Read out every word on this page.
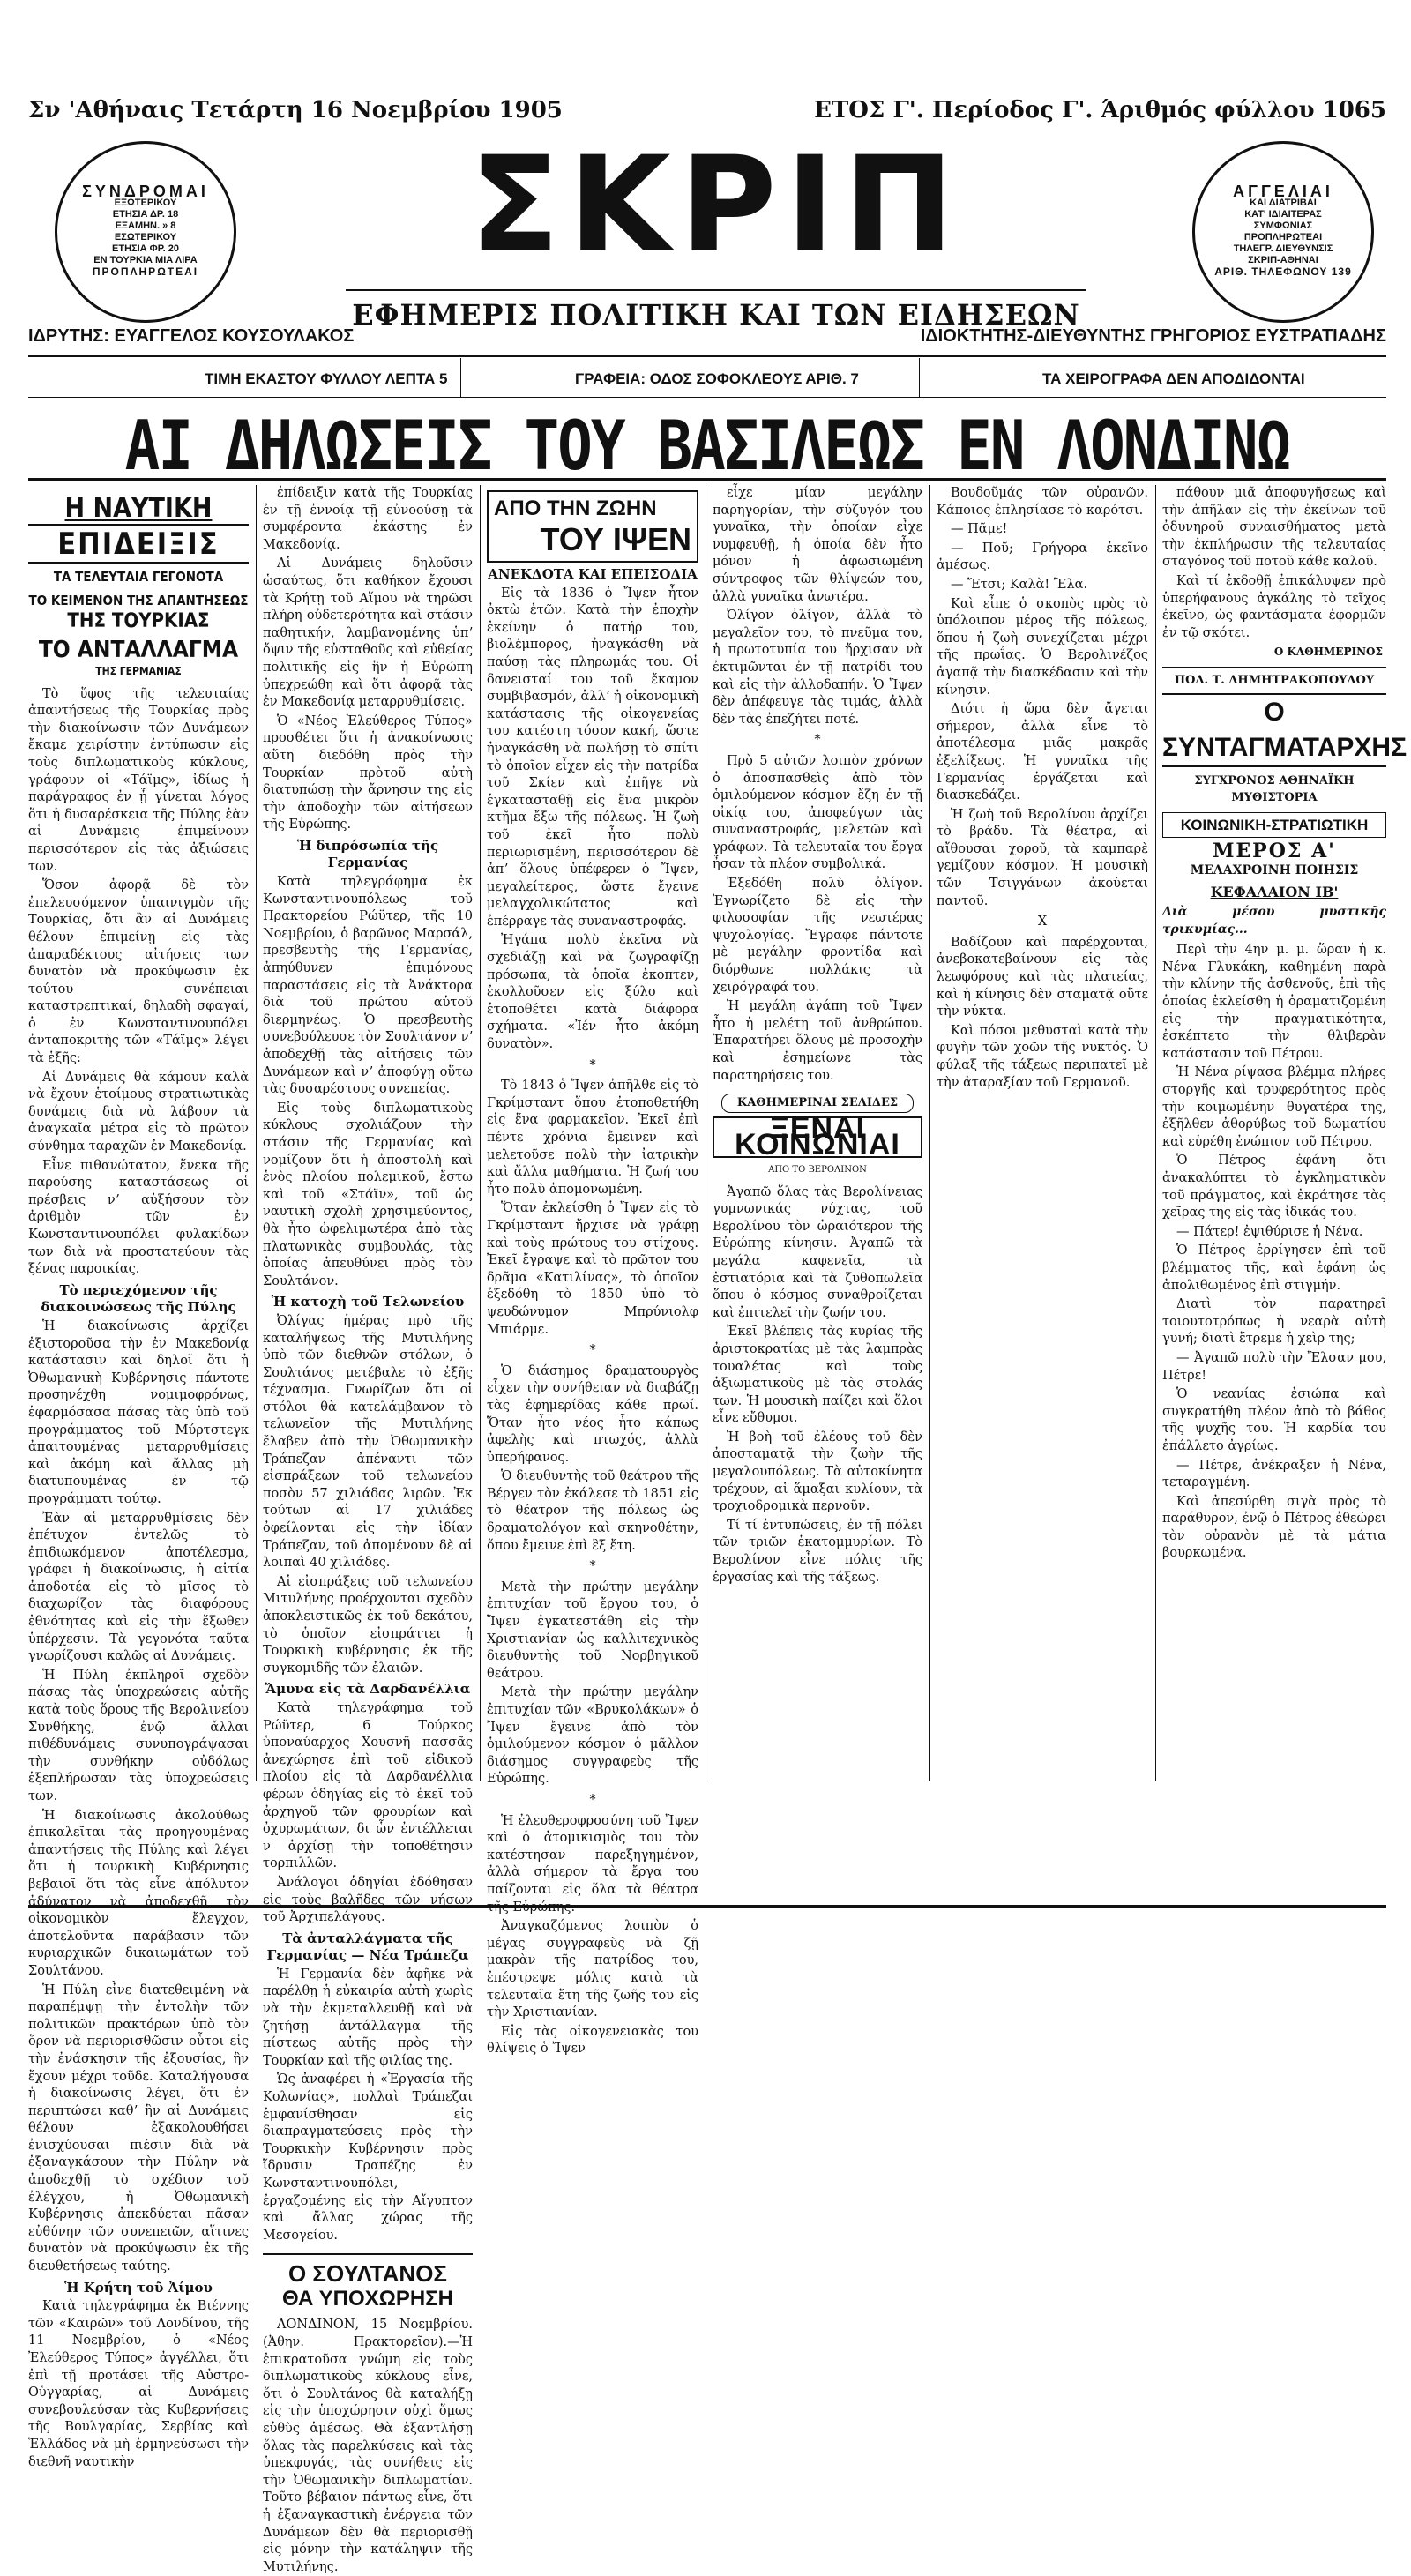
Σν 'Αθήναις Τετάρτη 16 Νοεμβρίου 1905	ΕΤΟΣ Γ'. Περίοδος Γ'. Άριθμός φύλλου 1065
ΣΥΝΔΡΟΜΑΙ
ΕΞΩΤΕΡΙΚΟΥ
ΕΤΗΣΙΑ ΔΡ. 18
ΕΞΑΜΗΝ. » 8
ΕΣΩΤΕΡΙΚΟΥ
ΕΤΗΣΙΑ ΦΡ. 20
ΕΝ ΤΟΥΡΚΙΑ ΜΙΑ ΛΙΡΑ
ΠΡΟΠΛΗΡΩΤΕΑΙ
ΑΓΓΕΛΙΑΙ
ΚΑΙ ΔΙΑΤΡΙΒΑΙ
ΚΑΤ' ΙΔΙΑΙΤΕΡΑΣ
ΣΥΜΦΩΝΙΑΣ
ΠΡΟΠΛΗΡΩΤΕΑΙ
ΤΗΛΕΓΡ. ΔΙΕΥΘΥΝΣΙΣ
ΣΚΡΙΠ-ΑΘΗΝΑΙ
ΑΡΙΘ. ΤΗΛΕΦΩΝΟΥ 139
ΣΚΡΙΠ
ΕΦΗΜΕΡΙΣ ΠΟΛΙΤΙΚΗ ΚΑΙ ΤΩΝ ΕΙΔΗΣΕΩΝ
ΙΔΡΥΤΗΣ: ΕΥΑΓΓΕΛΟΣ ΚΟΥΣΟΥΛΑΚΟΣ	ΙΔΙΟΚΤΗΤΗΣ-ΔΙΕΥΘΥΝΤΗΣ ΓΡΗΓΟΡΙΟΣ ΕΥΣΤΡΑΤΙΑΔΗΣ
ΤΙΜΗ ΕΚΑΣΤΟΥ ΦΥΛΛΟΥ ΛΕΠΤΑ 5	ΓΡΑΦΕΙΑ: ΟΔΟΣ ΣΟΦΟΚΛΕΟΥΣ ΑΡΙΘ. 7	ΤΑ ΧΕΙΡΟΓΡΑΦΑ ΔΕΝ ΑΠΟΔΙΔΟΝΤΑΙ
ΑΙ ΔΗΛΩΣΕΙΣ ΤΟΥ ΒΑΣΙΛΕΩΣ ΕΝ ΛΟΝΔΙΝΩ
Η ΝΑΥΤΙΚΗ
ΕΠΙΔΕΙΞΙΣ
ΤΑ ΤΕΛΕΥΤΑΙΑ ΓΕΓΟΝΟΤΑ
ΤΟ ΚΕΙΜΕΝΟΝ ΤΗΣ ΑΠΑΝΤΗΣΕΩΣ
ΤΗΣ ΤΟΥΡΚΙΑΣ
ΤΟ ΑΝΤΑΛΛΑΓΜΑ
ΤΗΣ ΓΕΡΜΑΝΙΑΣ

Τὸ ὕφος τῆς τελευταίας ἀπαντήσεως τῆς Τουρκίας πρὸς τὴν διακοίνωσιν τῶν Δυνάμεων ἔκαμε χειρίστην ἐντύπωσιν εἰς τοὺς διπλωματικοὺς κύκλους, γράφουν οἱ «Τάϊμς», ἰδίως ἡ παράγραφος ἐν ᾗ γίνεται λόγος ὅτι ἡ δυσαρέσκεια τῆς Πύλης ἐὰν αἱ Δυνάμεις ἐπιμείνουν περισσότερον εἰς τὰς ἀξιώσεις των.

Ὅσον ἀφορᾷ δὲ τὸν ἐπελευσόμενον ὑπαινιγμὸν τῆς Τουρκίας, ὅτι ἂν αἱ Δυνάμεις θέλουν ἐπιμείνῃ εἰς τὰς ἀπαραδέκτους αἰτήσεις των δυνατὸν νὰ προκύψωσιν ἐκ τούτου συνέπειαι καταστρεπτικαί, δηλαδὴ σφαγαί, ὁ ἐν Κωνσταντινουπόλει ἀνταποκριτὴς τῶν «Τάϊμς» λέγει τὰ ἑξῆς:

Αἱ Δυνάμεις θὰ κάμουν καλὰ νὰ ἔχουν ἑτοίμους στρατιωτικὰς δυνάμεις διὰ νὰ λάβουν τὰ ἀναγκαῖα μέτρα εἰς τὸ πρῶτον σύνθημα ταραχῶν ἐν Μακεδονίᾳ.

Εἶνε πιθανώτατον, ἕνεκα τῆς παρούσης καταστάσεως οἱ πρέσβεις νʼ αὐξήσουν τὸν ἀριθμὸν τῶν ἐν Κωνσταντινουπόλει φυλακίδων των διὰ νὰ προστατεύουν τὰς ξένας παροικίας.

Τὸ περιεχόμενον τῆς διακοινώσεως τῆς Πύλης

Ἡ διακοίνωσις ἀρχίζει ἐξιστοροῦσα τὴν ἐν Μακεδονίᾳ κατάστασιν καὶ δηλοῖ ὅτι ἡ Ὀθωμανικὴ Κυβέρνησις πάντοτε προσηνέχθη νομιμοφρόνως, ἐφαρμόσασα πάσας τὰς ὑπὸ τοῦ προγράμματος τοῦ Μύρτστεγκ ἀπαιτουμένας μεταρρυθμίσεις καὶ ἀκόμη καὶ ἄλλας μὴ διατυπουμένας ἐν τῷ προγράμματι τούτῳ.

Ἐὰν αἱ μεταρρυθμίσεις δὲν ἐπέτυχον ἐντελῶς τὸ ἐπιδιωκόμενον ἀποτέλεσμα, γράφει ἡ διακοίνωσις, ἡ αἰτία ἀποδοτέα εἰς τὸ μῖσος τὸ διαχωρίζον τὰς διαφόρους ἐθνότητας καὶ εἰς τὴν ἔξωθεν ὑπέρχεσιν. Τὰ γεγονότα ταῦτα γνωρίζουσι καλῶς αἱ Δυνάμεις.

Ἡ Πύλη ἐκπληροῖ σχεδὸν πάσας τὰς ὑποχρεώσεις αὐτῆς κατὰ τοὺς ὅρους τῆς Βερολινείου Συνθήκης, ἐνῷ ἄλλαι πιθέδυνάμεις συνυπογράψασαι τὴν συνθήκην οὐδόλως ἐξεπλήρωσαν τὰς ὑποχρεώσεις των.

Ἡ διακοίνωσις ἀκολούθως ἐπικαλεῖται τὰς προηγουμένας ἀπαντήσεις τῆς Πύλης καὶ λέγει ὅτι ἡ τουρκικὴ Κυβέρνησις βεβαιοῖ ὅτι τὰς εἶνε ἀπόλυτον ἀδύνατον νὰ ἀποδεχθῇ τὸν οἰκονομικὸν ἔλεγχον, ἀποτελοῦντα παράβασιν τῶν κυριαρχικῶν δικαιωμάτων τοῦ Σουλτάνου.

Ἡ Πύλη εἶνε διατεθειμένη νὰ παραπέμψῃ τὴν ἐντολὴν τῶν πολιτικῶν πρακτόρων ὑπὸ τὸν ὅρον νὰ περιορισθῶσιν οὗτοι εἰς τὴν ἐνάσκησιν τῆς ἐξουσίας, ἣν ἔχουν μέχρι τοῦδε. Καταλήγουσα ἡ διακοίνωσις λέγει, ὅτι ἐν περιπτώσει καθʼ ἣν αἱ Δυνάμεις θέλουν ἐξακολουθήσει ἐνισχύουσαι πιέσιν διὰ νὰ ἐξαναγκάσουν τὴν Πύλην νὰ ἀποδεχθῇ τὸ σχέδιον τοῦ ἐλέγχου, ἡ Ὀθωμανικὴ Κυβέρνησις ἀπεκδύεται πᾶσαν εὐθύνην τῶν συνεπειῶν, αἵτινες δυνατὸν νὰ προκύψωσιν ἐκ τῆς διευθετήσεως ταύτης.

Ἡ Κρήτη τοῦ Ἀίμου

Κατὰ τηλεγράφημα ἐκ Βιέννης τῶν «Καιρῶν» τοῦ Λονδίνου, τῆς 11 Νοεμβρίου, ὁ «Νέος Ἐλεύθερος Τύπος» ἀγγέλλει, ὅτι ἐπὶ τῇ προτάσει τῆς Αὐστρο-Οὑγγαρίας, αἱ Δυνάμεις συνεβουλεύσαν τὰς Κυβερνήσεις τῆς Βουλγαρίας, Σερβίας καὶ Ἑλλάδος νὰ μὴ ἐρμηνεύσωσι τὴν διεθνῆ ναυτικὴν

ἐπίδειξιν κατὰ τῆς Τουρκίας ἐν τῇ ἐννοίᾳ τῇ εὐνοούσῃ τὰ συμφέροντα ἑκάστης ἐν Μακεδονίᾳ.

Αἱ Δυνάμεις δηλοῦσιν ὡσαύτως, ὅτι καθήκον ἔχουσι τὰ Κρήτῃ τοῦ Αἵμου νὰ τηρῶσι πλήρη οὐδετερότητα καὶ στάσιν παθητικήν, λαμβανομένης ὑπʼ ὄψιν τῆς εὐσταθοῦς καὶ εὐθείας πολιτικῆς εἰς ἣν ἡ Εὐρώπη ὑπεχρεώθη καὶ ὅτι ἀφορᾷ τὰς ἐν Μακεδονίᾳ μεταρρυθμίσεις.

Ὁ «Νέος Ἐλεύθερος Τύπος» προσθέτει ὅτι ἡ ἀνακοίνωσις αὕτη διεδόθη πρὸς τὴν Τουρκίαν πρὸτοῦ αὐτὴ διατυπώσῃ τὴν ἄρνησιν της εἰς τὴν ἀποδοχὴν τῶν αἰτήσεων τῆς Εὐρώπης.

Ἡ διπρόσωπία τῆς Γερμανίας

Κατὰ τηλεγράφημα ἐκ Κωνσταντινουπόλεως τοῦ Πρακτορείου Ρώϋτερ, τῆς 10 Νοεμβρίου, ὁ βαρῶνος Μαρσάλ, πρεσβευτὴς τῆς Γερμανίας, ἀπηύθυνεν ἐπιμόνους παραστάσεις εἰς τὰ Ἀνάκτορα διὰ τοῦ πρώτου αὐτοῦ διερμηνέως. Ὁ πρεσβευτὴς συνεβούλευσε τὸν Σουλτάνον νʼ ἀποδεχθῇ τὰς αἰτήσεις τῶν Δυνάμεων καὶ νʼ ἀποφύγῃ οὕτω τὰς δυσαρέστους συνεπείας.

Εἰς τοὺς διπλωματικοὺς κύκλους σχολιάζουν τὴν στάσιν τῆς Γερμανίας καὶ νομίζουν ὅτι ἡ ἀποστολὴ καὶ ἑνὸς πλοίου πολεμικοῦ, ἔστω καὶ τοῦ «Στάϊν», τοῦ ὡς ναυτικὴ σχολὴ χρησιμεύοντος, θὰ ἦτο ὠφελιμωτέρα ἀπὸ τὰς πλατωνικὰς συμβουλάς, τὰς ὁποίας ἀπευθύνει πρὸς τὸν Σουλτάνον.

Ἡ κατοχὴ τοῦ Τελωνείου

Ὀλίγας ἡμέρας πρὸ τῆς καταλήψεως τῆς Μυτιλήνης ὑπὸ τῶν διεθνῶν στόλων, ὁ Σουλτάνος μετέβαλε τὸ ἐξῆς τέχνασμα. Γνωρίζων ὅτι οἱ στόλοι θὰ κατελάμβανον τὸ τελωνεῖον τῆς Μυτιλήνης ἔλαβεν ἀπὸ τὴν Ὀθωμανικὴν Τράπεζαν ἀπέναντι τῶν εἰσπράξεων τοῦ τελωνείου ποσὸν 57 χιλιάδας λιρῶν. Ἐκ τούτων αἱ 17 χιλιάδες ὀφείλονται εἰς τὴν ἰδίαν Τράπεζαν, τοῦ ἀπομένουν δὲ αἱ λοιπαὶ 40 χιλιάδες.

Αἱ εἰσπράξεις τοῦ τελωνείου Μιτυλήνης προέρχονται σχεδὸν ἀποκλειστικῶς ἐκ τοῦ δεκάτου, τὸ ὁποῖον εἰσπράττει ἡ Τουρκικὴ κυβέρνησις ἐκ τῆς συγκομιδῆς τῶν ἐλαιῶν.

Ἄμυνα εἰς τὰ Δαρδανέλλια

Κατὰ τηλεγράφημα τοῦ Ρώϋτερ, 6 Τούρκος ὑποναύαρχος Χουσνῆ πασσᾶς ἀνεχώρησε ἐπὶ τοῦ εἰδικοῦ πλοίου εἰς τὰ Δαρδανέλλια φέρων ὁδηγίας εἰς τὸ ἐκεῖ τοῦ ἀρχηγοῦ τῶν φρουρίων καὶ ὀχυρωμάτων, δι ὧν ἐντέλλεται ν ἀρχίσῃ τὴν τοποθέτησιν τορπιλλῶν.

Ἀνάλογοι ὁδηγίαι ἐδόθησαν εἰς τοὺς βαλῆδες τῶν νήσων τοῦ Ἀρχιπελάγους.

Τὰ ἀνταλλάγματα τῆς Γερμανίας — Νέα Τράπεζα

Ἡ Γερμανία δὲν ἀφῆκε νὰ παρέλθῃ ἡ εὐκαιρία αὐτὴ χωρὶς νὰ τὴν ἐκμεταλλευθῇ καὶ νὰ ζητήσῃ ἀντάλλαγμα τῆς πίστεως αὐτῆς πρὸς τὴν Τουρκίαν καὶ τῆς φιλίας της.

Ὡς ἀναφέρει ἡ «Ἐργασία τῆς Κολωνίας», πολλαὶ Τράπεζαι ἐμφανίσθησαν εἰς διαπραγματεύσεις πρὸς τὴν Τουρκικὴν Κυβέρνησιν πρὸς ἵδρυσιν Τραπέζης ἐν Κωνσταντινουπόλει, ἐργαζομένης εἰς τὴν Αἴγυπτον καὶ ἄλλας χώρας τῆς Μεσογείου.

Ο ΣΟΥΛΤΑΝΟΣ
ΘΑ ΥΠΟΧΩΡΗΣΗ

ΛΟΝΔΙΝΟΝ, 15 Νοεμβρίου. (Ἀθην. Πρακτορεῖον).—Ἡ ἐπικρατοῦσα γνώμη εἰς τοὺς διπλωματικοὺς κύκλους εἶνε, ὅτι ὁ Σουλτάνος θὰ καταλήξῃ εἰς τὴν ὑποχώρησιν οὐχὶ ὅμως εὐθὺς ἀμέσως. Θὰ ἐξαντλήσῃ ὅλας τὰς παρελκύσεις καὶ τὰς ὑπεκφυγάς, τὰς συνήθεις εἰς τὴν Ὀθωμανικὴν διπλωματίαν. Τοῦτο βέβαιον πάντως εἶνε, ὅτι ἡ ἐξαναγκαστικὴ ἐνέργεια τῶν Δυνάμεων δὲν θὰ περιορισθῇ εἰς μόνην τὴν κατάληψιν τῆς Μυτιλήνης.

ΑΠΟ ΤΗΝ ΖΩΗΝ
ΤΟΥ ΙΨΕΝ
ΑΝΕΚΔΟΤΑ ΚΑΙ ΕΠΕΙΣΟΔΙΑ

Εἰς τὰ 1836 ὁ Ἴψεν ἦτον ὀκτὼ ἐτῶν. Κατὰ τὴν ἐποχὴν ἐκείνην ὁ πατήρ του, βιολέμπορος, ἠναγκάσθη νὰ παύσῃ τὰς πληρωμάς του. Οἱ δανεισταί του τοῦ ἔκαμον συμβιβασμόν, ἀλλʼ ἡ οἰκονομικὴ κατάστασις τῆς οἰκογενείας του κατέστη τόσον κακή, ὥστε ἠναγκάσθη νὰ πωλήσῃ τὸ σπίτι τὸ ὁποῖον εἶχεν εἰς τὴν πατρίδα τοῦ Σκίεν καὶ ἐπῆγε νὰ ἐγκατασταθῇ εἰς ἕνα μικρὸν κτῆμα ἔξω τῆς πόλεως. Ἡ ζωὴ τοῦ ἐκεῖ ἦτο πολὺ περιωρισμένη, περισσότερον δὲ ἀπʼ ὅλους ὑπέφερεν ὁ Ἴψεν, μεγαλείτερος, ὥστε ἔγεινε μελαγχολικώτατος καὶ ἐπέρραγε τὰς συναναστροφάς.

Ἠγάπα πολὺ ἐκεῖνα νὰ σχεδιάζῃ καὶ νὰ ζωγραφίζῃ πρόσωπα, τὰ ὁποῖα ἐκοπτεν, ἐκολλοῦσεν εἰς ξύλο καὶ ἐτοποθέτει κατὰ διάφορα σχήματα. «Ἰέν ἦτο ἀκόμη δυνατὸν».

*

Τὸ 1843 ὁ Ἴψεν ἀπῆλθε εἰς τὸ Γκρίμσταντ ὅπου ἐτοποθετήθη εἰς ἕνα φαρμακεῖον. Ἐκεῖ ἐπὶ πέντε χρόνια ἔμεινεν καὶ μελετοῦσε πολὺ τὴν ἰατρικὴν καὶ ἄλλα μαθήματα. Ἡ ζωή του ἦτο πολὺ ἀπομονωμένη.

Ὅταν ἐκλείσθη ὁ Ἴψεν εἰς τὸ Γκρίμσταντ ἤρχισε νὰ γράφῃ καὶ τοὺς πρώτους του στίχους. Ἐκεῖ ἔγραψε καὶ τὸ πρῶτον του δρᾶμα «Κατιλίνας», τὸ ὁποῖον ἐξεδόθη τὸ 1850 ὑπὸ τὸ ψευδώνυμον Μπρύνιολφ Μπιάρμε.

*

Ὁ διάσημος δραματουργὸς εἶχεν τὴν συνήθειαν νὰ διαβάζῃ τὰς ἐφημερίδας κάθε πρωί. Ὅταν ἦτο νέος ἦτο κάπως ἀφελὴς καὶ πτωχός, ἀλλὰ ὑπερήφανος.

Ὁ διευθυντὴς τοῦ θεάτρου τῆς Βέργεν τὸν ἐκάλεσε τὸ 1851 εἰς τὸ θέατρον τῆς πόλεως ὡς δραματολόγον καὶ σκηνοθέτην, ὅπου ἔμεινε ἐπὶ ἓξ ἔτη.

*

Μετὰ τὴν πρώτην μεγάλην ἐπιτυχίαν τοῦ ἔργου του, ὁ Ἴψεν ἐγκατεστάθη εἰς τὴν Χριστιανίαν ὡς καλλιτεχνικὸς διευθυντὴς τοῦ Νορβηγικοῦ θεάτρου.

Μετὰ τὴν πρώτην μεγάλην ἐπιτυχίαν τῶν «Βρυκολάκων» ὁ Ἴψεν ἔγεινε ἀπὸ τὸν ὁμιλούμενον κόσμον ὁ μᾶλλον διάσημος συγγραφεὺς τῆς Εὐρώπης.

*

Ἡ ἐλευθεροφροσύνη τοῦ Ἴψεν καὶ ὁ ἀτομικισμὸς του τὸν κατέστησαν παρεξηγημένον, ἀλλὰ σήμερον τὰ ἔργα του παίζονται εἰς ὅλα τὰ θέατρα τῆς Εὐρώπης.

Ἀναγκαζόμενος λοιπὸν ὁ μέγας συγγραφεὺς νὰ ζῇ μακρὰν τῆς πατρίδος του, ἐπέστρεψε μόλις κατὰ τὰ τελευταῖα ἔτη τῆς ζωῆς του εἰς τὴν Χριστιανίαν.

Εἰς τὰς οἰκογενειακὰς του θλίψεις ὁ Ἴψεν

εἶχε μίαν μεγάλην παρηγορίαν, τὴν σύζυγόν του γυναῖκα, τὴν ὁποίαν εἶχε νυμφευθῇ, ἡ ὁποία δὲν ἦτο μόνον ἡ ἀφωσιωμένη σύντροφος τῶν θλίψεών του, ἀλλὰ γυναῖκα ἀνωτέρα.

Ὀλίγον ὀλίγον, ἀλλὰ τὸ μεγαλεῖον του, τὸ πνεῦμα του, ἡ πρωτοτυπία του ἤρχισαν νὰ ἐκτιμῶνται ἐν τῇ πατρίδι του καὶ εἰς τὴν ἀλλοδαπήν. Ὁ Ἴψεν δὲν ἀπέφευγε τὰς τιμάς, ἀλλὰ δὲν τὰς ἐπεζήτει ποτέ.

*

Πρὸ 5 αὐτῶν λοιπὸν χρόνων ὁ ἀποσπασθεὶς ἀπὸ τὸν ὁμιλούμενον κόσμον ἔζη ἐν τῇ οἰκίᾳ του, ἀποφεύγων τὰς συναναστροφάς, μελετῶν καὶ γράφων. Τὰ τελευταῖα του ἔργα ἦσαν τὰ πλέον συμβολικά.

Ἐξεδόθη πολὺ ὀλίγον. Ἐγνωρίζετο δὲ εἰς τὴν φιλοσοφίαν τῆς νεωτέρας ψυχολογίας. Ἔγραφε πάντοτε μὲ μεγάλην φροντίδα καὶ διόρθωνε πολλάκις τὰ χειρόγραφά του.

Ἡ μεγάλη ἀγάπη τοῦ Ἴψεν ἦτο ἡ μελέτη τοῦ ἀνθρώπου. Ἐπαρατήρει ὅλους μὲ προσοχὴν καὶ ἐσημείωνε τὰς παρατηρήσεις του.

ΚΑΘΗΜΕΡΙΝΑΙ ΣΕΛΙΔΕΣ
ΞΕΝΑΙ ΚΟΙΝΩΝΙΑΙ
ΑΠΟ ΤΟ ΒΕΡΟΛΙΝΟΝ

Ἀγαπῶ ὅλας τὰς Βερολίνειας γυμνωνικάς νύχτας, τοῦ Βερολίνου τὸν ὡραιότερον τῆς Εὐρώπης κίνησιν. Ἀγαπῶ τὰ μεγάλα καφενεῖα, τὰ ἑστιατόρια καὶ τὰ ζυθοπωλεῖα ὅπου ὁ κόσμος συναθροίζεται καὶ ἐπιτελεῖ τὴν ζωήν του.

Ἐκεῖ βλέπεις τὰς κυρίας τῆς ἀριστοκρατίας μὲ τὰς λαμπρὰς τουαλέτας καὶ τοὺς ἀξιωματικοὺς μὲ τὰς στολάς των. Ἡ μουσικὴ παίζει καὶ ὅλοι εἶνε εὔθυμοι.

Ἡ βοὴ τοῦ ἐλέους τοῦ δὲν ἀποσταματᾷ τὴν ζωὴν τῆς μεγαλουπόλεως. Τὰ αὐτοκίνητα τρέχουν, αἱ ἅμαξαι κυλίουν, τὰ τροχιοδρομικὰ περνοῦν.

Τί τί ἐντυπώσεις, ἐν τῇ πόλει τῶν τριῶν ἑκατομμυρίων. Τὸ Βερολίνον εἶνε πόλις τῆς ἐργασίας καὶ τῆς τάξεως.

Βουδοῦμάς τῶν οὐρανῶν. Κάποιος ἐπλησίασε τὸ καρότσι.

— Πᾶμε!

— Ποῦ; Γρήγορα ἐκεῖνο ἀμέσως.

— Ἔτσι; Καλὰ! Ἔλα.

Καὶ εἶπε ὁ σκοπὸς πρὸς τὸ ὑπόλοιπον μέρος τῆς πόλεως, ὅπου ἡ ζωὴ συνεχίζεται μέχρι τῆς πρωΐας. Ὁ Βερολινέζος ἀγαπᾷ τὴν διασκέδασιν καὶ τὴν κίνησιν.

Διότι ἡ ὥρα δὲν ἄγεται σήμερον, ἀλλὰ εἶνε τὸ ἀποτέλεσμα μιᾶς μακρᾶς ἐξελίξεως. Ἡ γυναῖκα τῆς Γερμανίας ἐργάζεται καὶ διασκεδάζει.

Ἡ ζωὴ τοῦ Βερολίνου ἀρχίζει τὸ βράδυ. Τὰ θέατρα, αἱ αἴθουσαι χοροῦ, τὰ καμπαρὲ γεμίζουν κόσμον. Ἡ μουσικὴ τῶν Τσιγγάνων ἀκούεται παντοῦ.

X

Βαδίζουν καὶ παρέρχονται, ἀνεβοκατεβαίνουν εἰς τὰς λεωφόρους καὶ τὰς πλατείας, καὶ ἡ κίνησις δὲν σταματᾷ οὔτε τὴν νύκτα.

Καὶ πόσοι μεθυσταὶ κατὰ τὴν φυγὴν τῶν χοῶν τῆς νυκτός. Ὁ φύλαξ τῆς τάξεως περιπατεῖ μὲ τὴν ἀταραξίαν τοῦ Γερμανοῦ.

πάθουν μιᾶ ἀποφυγῆσεως καὶ τὴν ἀπῆλαν εἰς τὴν ἐκείνων τοῦ ὀδυνηροῦ συναισθήματος μετὰ τὴν ἐκπλήρωσιν τῆς τελευταίας σταγόνος τοῦ ποτοῦ κάθε καλοῦ.

Καὶ τί ἐκδοθῇ ἐπικάλυψεν πρὸ ὑπερήφανους ἀγκάλης τὸ τεῖχος ἐκεῖνο, ὡς φαντάσματα ἐφορμῶν ἐν τῷ σκότει.

Ο ΚΑΘΗΜΕΡΙΝΟΣ
ΠΟΛ. Τ. ΔΗΜΗΤΡΑΚΟΠΟΥΛΟΥ
Ο ΣΥΝΤΑΓΜΑΤΑΡΧΗΣ
ΣΥΓΧΡΟΝΟΣ ΑΘΗΝΑΪΚΗ ΜΥΘΙΣΤΟΡΙΑ
ΚΟΙΝΩΝΙΚΗ-ΣΤΡΑΤΙΩΤΙΚΗ
ΜΕΡΟΣ Α'
ΜΕΛΑΧΡΟΙΝΗ ΠΟΙΗΣΙΣ
ΚΕΦΑΛΑΙΟΝ ΙΒ'
Διὰ μέσου μυστικῆς τρικυμίας...

Περὶ τὴν 4ην μ. μ. ὥραν ἡ κ. Νένα Γλυκάκη, καθημένη παρὰ τὴν κλίνην τῆς ἀσθενοῦς, ἐπὶ τῆς ὁποίας ἐκλείσθη ἡ ὁραματιζομένη εἰς τὴν πραγματικότητα, ἐσκέπτετο τὴν θλιβερὰν κατάστασιν τοῦ Πέτρου.

Ἡ Νένα ρίψασα βλέμμα πλήρες στοργῆς καὶ τρυφερότητος πρὸς τὴν κοιμωμένην θυγατέρα της, ἐξῆλθεν ἀθορύβως τοῦ δωματίου καὶ εὑρέθη ἐνώπιον τοῦ Πέτρου.

Ὁ Πέτρος ἐφάνη ὅτι ἀνακαλύπτει τὸ ἐγκληματικὸν τοῦ πράγματος, καὶ ἐκράτησε τὰς χεῖρας της εἰς τὰς ἰδικάς του.

— Πάτερ! ἐψιθύρισε ἡ Νένα.

Ὁ Πέτρος ἐρρίγησεν ἐπὶ τοῦ βλέμματος τῆς, καὶ ἐφάνη ὡς ἀπολιθωμένος ἐπὶ στιγμήν.

Διατὶ τὸν παρατηρεῖ τοιουτοτρόπως ἡ νεαρὰ αὐτὴ γυνή; διατὶ ἔτρεμε ἡ χεὶρ της;

— Ἀγαπῶ πολὺ τὴν Ἔλσαν μου, Πέτρε!

Ὁ νεανίας ἐσιώπα καὶ συγκρατήθη πλέον ἀπὸ τὸ βάθος τῆς ψυχῆς του. Ἡ καρδία του ἐπάλλετο ἀγρίως.

— Πέτρε, ἀνέκραξεν ἡ Νένα, τεταραγμένη.

Καὶ ἀπεσύρθη σιγὰ πρὸς τὸ παράθυρον, ἐνῷ ὁ Πέτρος ἐθεώρει τὸν οὐρανὸν μὲ τὰ μάτια βουρκωμένα.
